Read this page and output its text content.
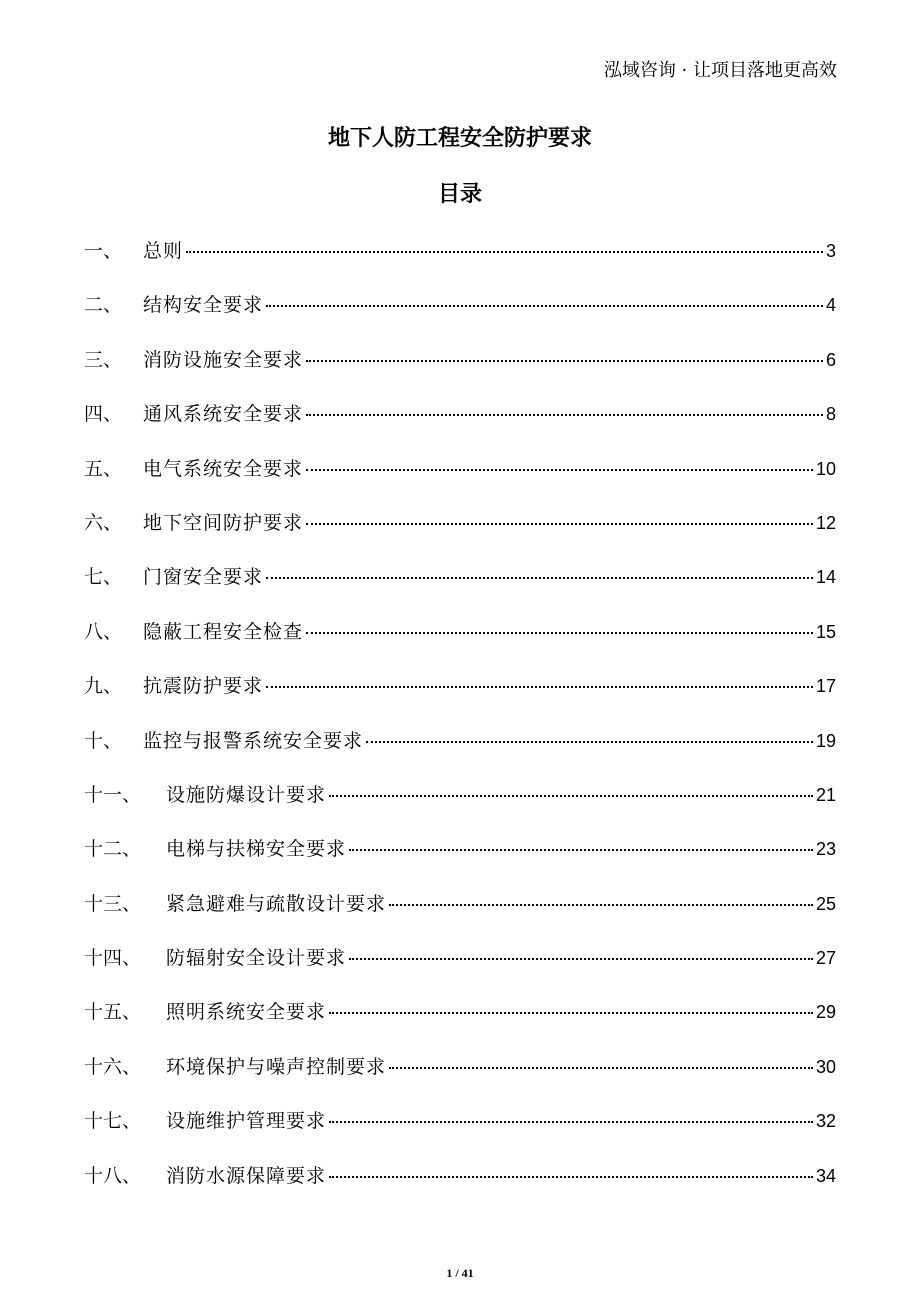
泓域咨询 · 让项目落地更高效
地下人防工程安全防护要求
目录
一、	总则	3
二、	结构安全要求	4
三、	消防设施安全要求	6
四、	通风系统安全要求	8
五、	电气系统安全要求	10
六、	地下空间防护要求	12
七、	门窗安全要求	14
八、	隐蔽工程安全检查	15
九、	抗震防护要求	17
十、	监控与报警系统安全要求	19
十一、	设施防爆设计要求	21
十二、	电梯与扶梯安全要求	23
十三、	紧急避难与疏散设计要求	25
十四、	防辐射安全设计要求	27
十五、	照明系统安全要求	29
十六、	环境保护与噪声控制要求	30
十七、	设施维护管理要求	32
十八、	消防水源保障要求	34
1 / 41
